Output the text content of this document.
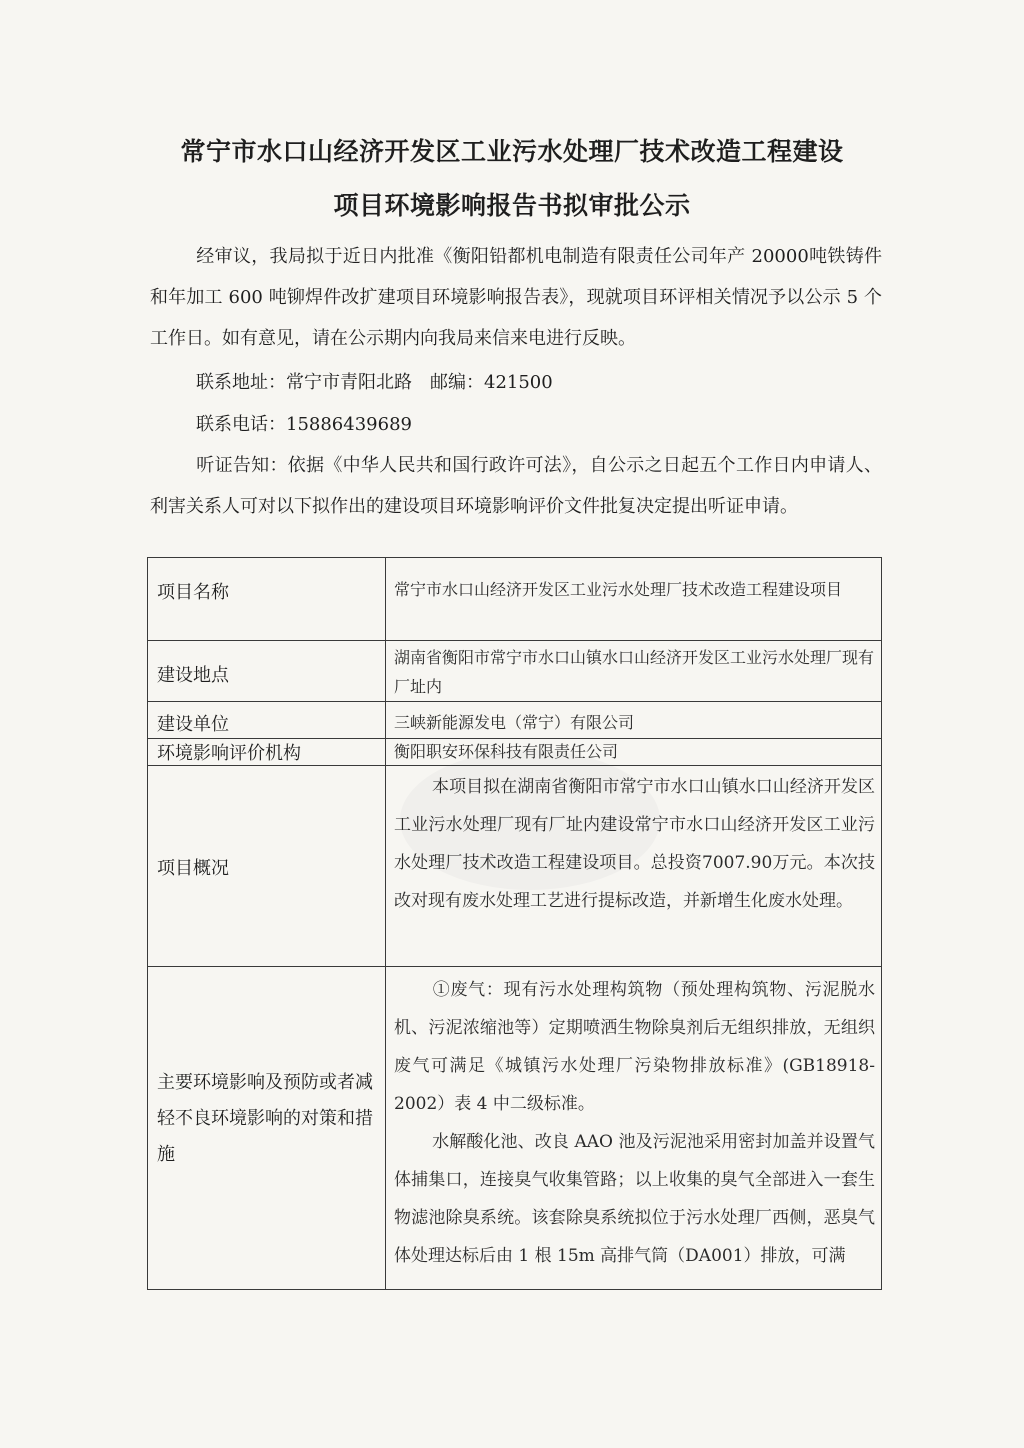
常宁市水口山经济开发区工业污水处理厂技术改造工程建设
项目环境影响报告书拟审批公示

经审议，我局拟于近日内批准《衡阳铅都机电制造有限责任公司年产 20000吨铁铸件和年加工 600 吨铆焊件改扩建项目环境影响报告表》，现就项目环评相关情况予以公示 5 个工作日。如有意见，请在公示期内向我局来信来电进行反映。

联系地址：常宁市青阳北路　邮编：421500
联系电话：15886439689

听证告知：依据《中华人民共和国行政许可法》，自公示之日起五个工作日内申请人、利害关系人可对以下拟作出的建设项目环境影响评价文件批复决定提出听证申请。

项目名称	常宁市水口山经济开发区工业污水处理厂技术改造工程建设项目

建设地点	湖南省衡阳市常宁市水口山镇水口山经济开发区工业污水处理厂现有厂址内

建设单位	三峡新能源发电（常宁）有限公司

环境影响评价机构	衡阳职安环保科技有限责任公司

项目概况	本项目拟在湖南省衡阳市常宁市水口山镇水口山经济开发区工业污水处理厂现有厂址内建设常宁市水口山经济开发区工业污水处理厂技术改造工程建设项目。总投资7007.90万元。本次技改对现有废水处理工艺进行提标改造，并新增生化废水处理。

主要环境影响及预防或者减轻不良环境影响的对策和措施	①废气：现有污水处理构筑物（预处理构筑物、污泥脱水机、污泥浓缩池等）定期喷洒生物除臭剂后无组织排放，无组织废气可满足《城镇污水处理厂污染物排放标准》(GB18918-2002）表 4 中二级标准。
水解酸化池、改良 AAO 池及污泥池采用密封加盖并设置气体捕集口，连接臭气收集管路；以上收集的臭气全部进入一套生物滤池除臭系统。该套除臭系统拟位于污水处理厂西侧，恶臭气体处理达标后由 1 根 15m 高排气筒（DA001）排放，可满
